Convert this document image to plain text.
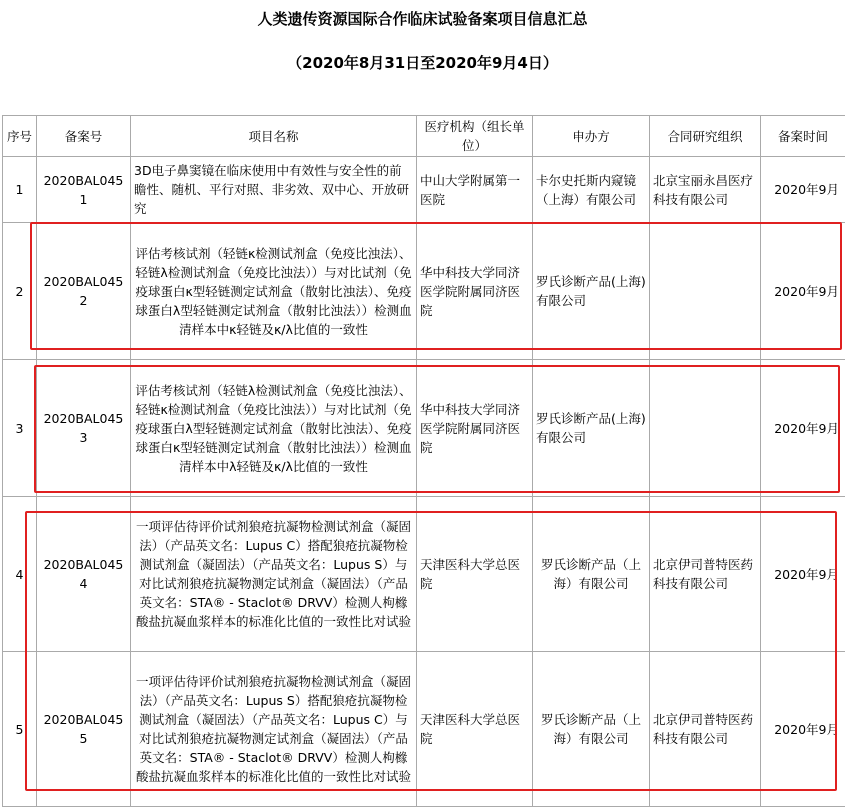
人类遗传资源国际合作临床试验备案项目信息汇总
（2020年8月31日至2020年9月4日）
序号	备案号	项目名称	医疗机构（组长单位）	申办方	合同研究组织	备案时间
1	2020BAL0451	3D电子鼻窦镜在临床使用中有效性与安全性的前瞻性、随机、平行对照、非劣效、双中心、开放研究	中山大学附属第一医院	卡尔史托斯内窥镜（上海）有限公司	北京宝丽永昌医疗科技有限公司	2020年9月
2	2020BAL0452	评估考核试剂（轻链κ检测试剂盒（免疫比浊法）、轻链λ检测试剂盒（免疫比浊法））与对比试剂（免疫球蛋白κ型轻链测定试剂盒（散射比浊法）、免疫球蛋白λ型轻链测定试剂盒（散射比浊法））检测血清样本中κ轻链及κ/λ比值的一致性	华中科技大学同济医学院附属同济医院	罗氏诊断产品(上海)有限公司		2020年9月
3	2020BAL0453	评估考核试剂（轻链λ检测试剂盒（免疫比浊法）、轻链κ检测试剂盒（免疫比浊法））与对比试剂（免疫球蛋白λ型轻链测定试剂盒（散射比浊法）、免疫球蛋白κ型轻链测定试剂盒（散射比浊法））检测血清样本中λ轻链及κ/λ比值的一致性	华中科技大学同济医学院附属同济医院	罗氏诊断产品(上海)有限公司		2020年9月
4	2020BAL0454	一项评估待评价试剂狼疮抗凝物检测试剂盒（凝固法）（产品英文名：Lupus C）搭配狼疮抗凝物检测试剂盒（凝固法）（产品英文名：Lupus S）与对比试剂狼疮抗凝物测定试剂盒（凝固法）（产品英文名：STA® - Staclot® DRVV）检测人枸橼酸盐抗凝血浆样本的标准化比值的一致性比对试验	天津医科大学总医院	罗氏诊断产品（上海）有限公司	北京伊司普特医药科技有限公司	2020年9月
5	2020BAL0455	一项评估待评价试剂狼疮抗凝物检测试剂盒（凝固法）（产品英文名：Lupus S）搭配狼疮抗凝物检测试剂盒（凝固法）（产品英文名：Lupus C）与对比试剂狼疮抗凝物测定试剂盒（凝固法）（产品英文名：STA® - Staclot® DRVV）检测人枸橼酸盐抗凝血浆样本的标准化比值的一致性比对试验	天津医科大学总医院	罗氏诊断产品（上海）有限公司	北京伊司普特医药科技有限公司	2020年9月
